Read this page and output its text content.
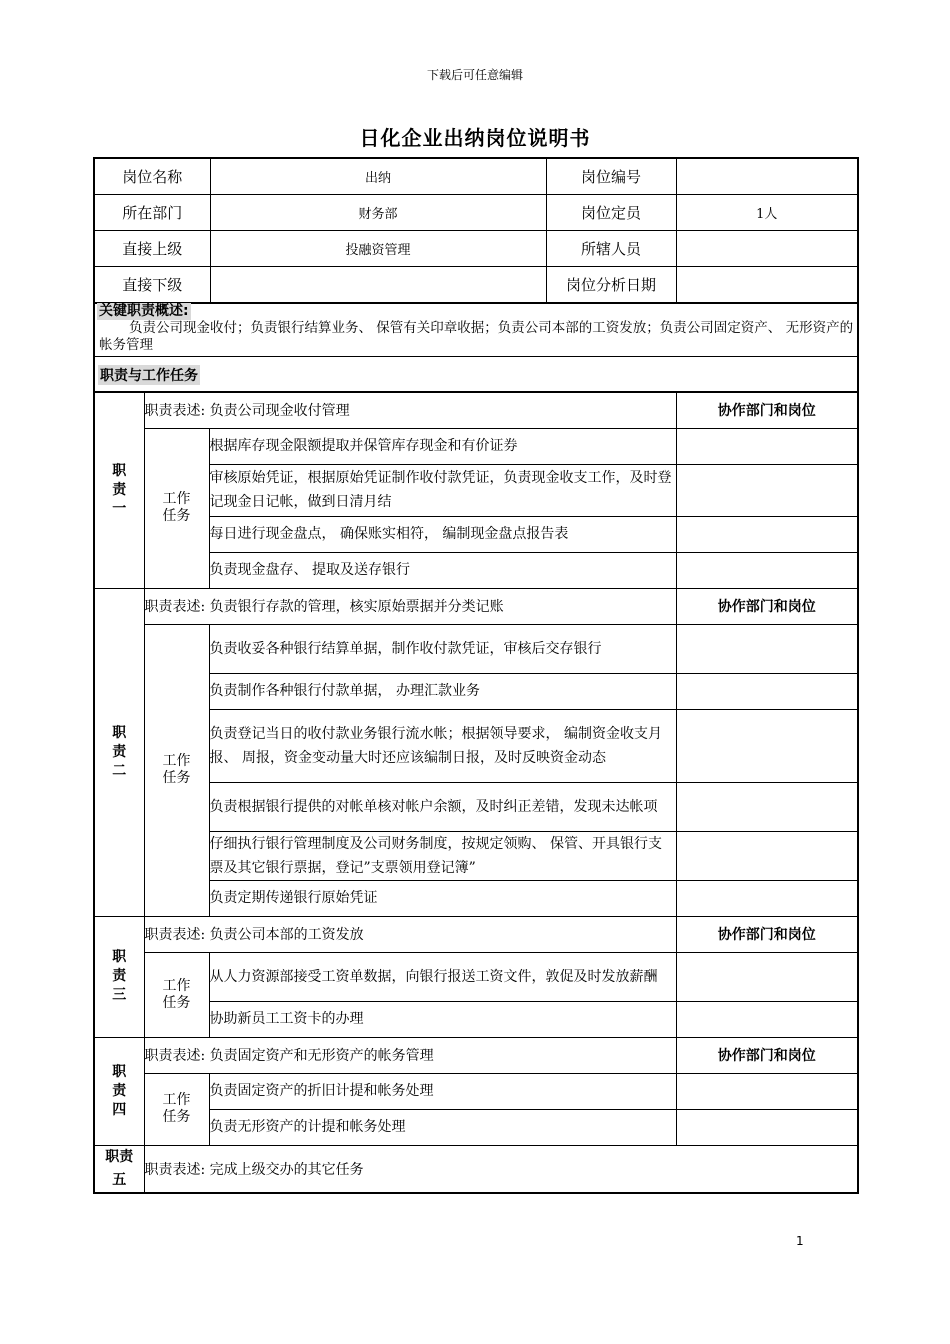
下载后可任意编辑
日化企业出纳岗位说明书
岗位名称	出纳	岗位编号	
所在部门	财务部	岗位定员	1人
直接上级	投融资管理	所辖人员	
直接下级		岗位分析日期	
关键职责概述:
负责公司现金收付；负责银行结算业务、 保管有关印章收据；负责公司本部的工资发放；负责公司固定资产、 无形资产的帐务管理
职责与工作任务
职责一	职责表述: 负责公司现金收付管理		协作部门和岗位

	工作任务	根据库存现金限额提取并保管库存现金和有价证券	
		审核原始凭证，根据原始凭证制作收付款凭证，负责现金收支工作，及时登记现金日记帐，做到日清月结	
		每日进行现金盘点， 确保账实相符， 编制现金盘点报告表	
		负责现金盘存、 提取及送存银行	

职责二	职责表述: 负责银行存款的管理，核实原始票据并分类记账		协作部门和岗位

	工作任务	负责收妥各种银行结算单据，制作收付款凭证，审核后交存银行	
		负责制作各种银行付款单据， 办理汇款业务	
		负责登记当日的收付款业务银行流水帐；根据领导要求， 编制资金收支月报、 周报，资金变动量大时还应该编制日报，及时反映资金动态	
		负责根据银行提供的对帐单核对帐户余额，及时纠正差错，发现未达帐项	
		仔细执行银行管理制度及公司财务制度，按规定领购、 保管、开具银行支票及其它银行票据，登记”支票领用登记簿”	
		负责定期传递银行原始凭证	

职责三	职责表述: 负责公司本部的工资发放		协作部门和岗位

	工作任务	从人力资源部接受工资单数据，向银行报送工资文件，敦促及时发放薪酬	
		协助新员工工资卡的办理	

职责四	职责表述: 负责固定资产和无形资产的帐务管理		协作部门和岗位

	工作任务	负责固定资产的折旧计提和帐务处理	
		负责无形资产的计提和帐务处理	

职责五	职责表述: 完成上级交办的其它任务		
1
